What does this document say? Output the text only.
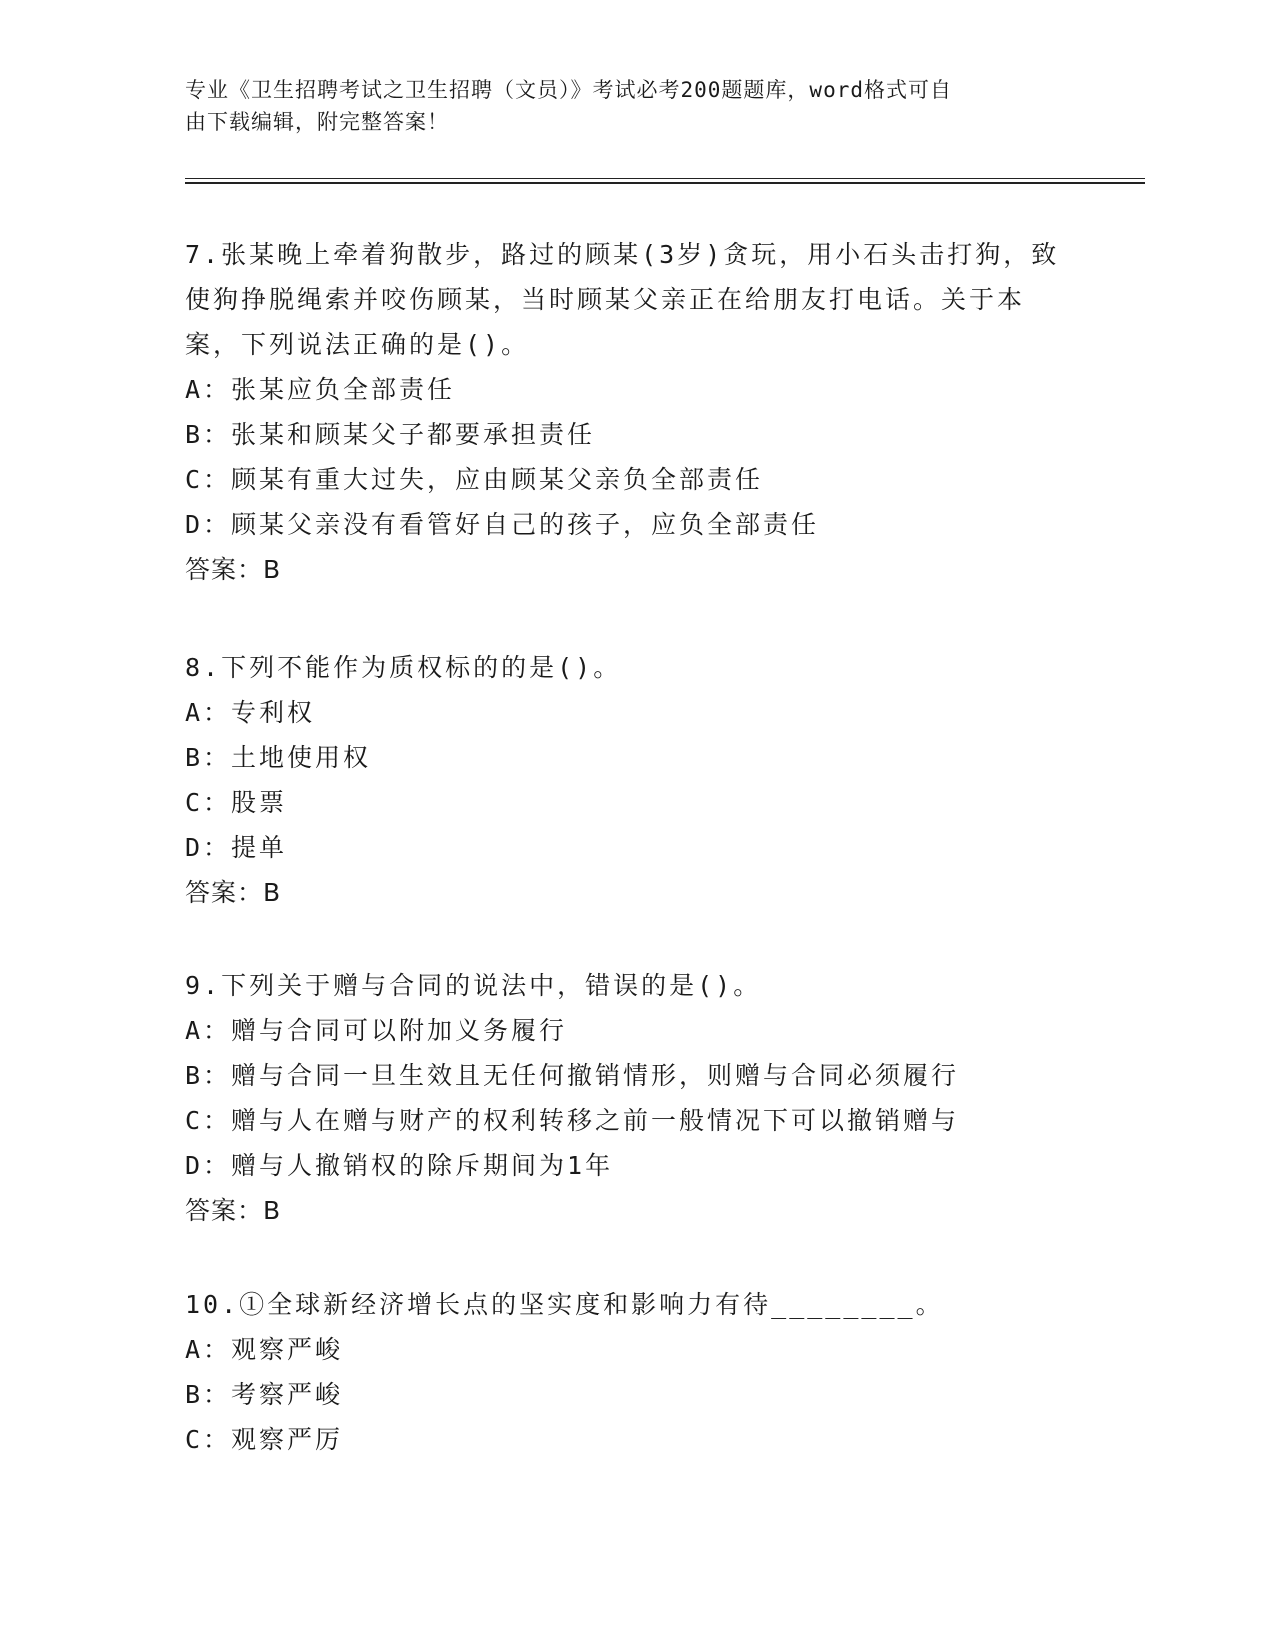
专业《卫生招聘考试之卫生招聘（文员）》考试必考200题题库，word格式可自
由下载编辑，附完整答案！
7.张某晚上牵着狗散步，路过的顾某(3岁)贪玩，用小石头击打狗，致
使狗挣脱绳索并咬伤顾某，当时顾某父亲正在给朋友打电话。关于本
案，下列说法正确的是()。
A：张某应负全部责任
B：张某和顾某父子都要承担责任
C：顾某有重大过失，应由顾某父亲负全部责任
D：顾某父亲没有看管好自己的孩子，应负全部责任
答案：B
8.下列不能作为质权标的的是()。
A：专利权
B：土地使用权
C：股票
D：提单
答案：B
9.下列关于赠与合同的说法中，错误的是()。
A：赠与合同可以附加义务履行
B：赠与合同一旦生效且无任何撤销情形，则赠与合同必须履行
C：赠与人在赠与财产的权利转移之前一般情况下可以撤销赠与
D：赠与人撤销权的除斥期间为1年
答案：B
10.①全球新经济增长点的坚实度和影响力有待________。
A：观察严峻
B：考察严峻
C：观察严厉
